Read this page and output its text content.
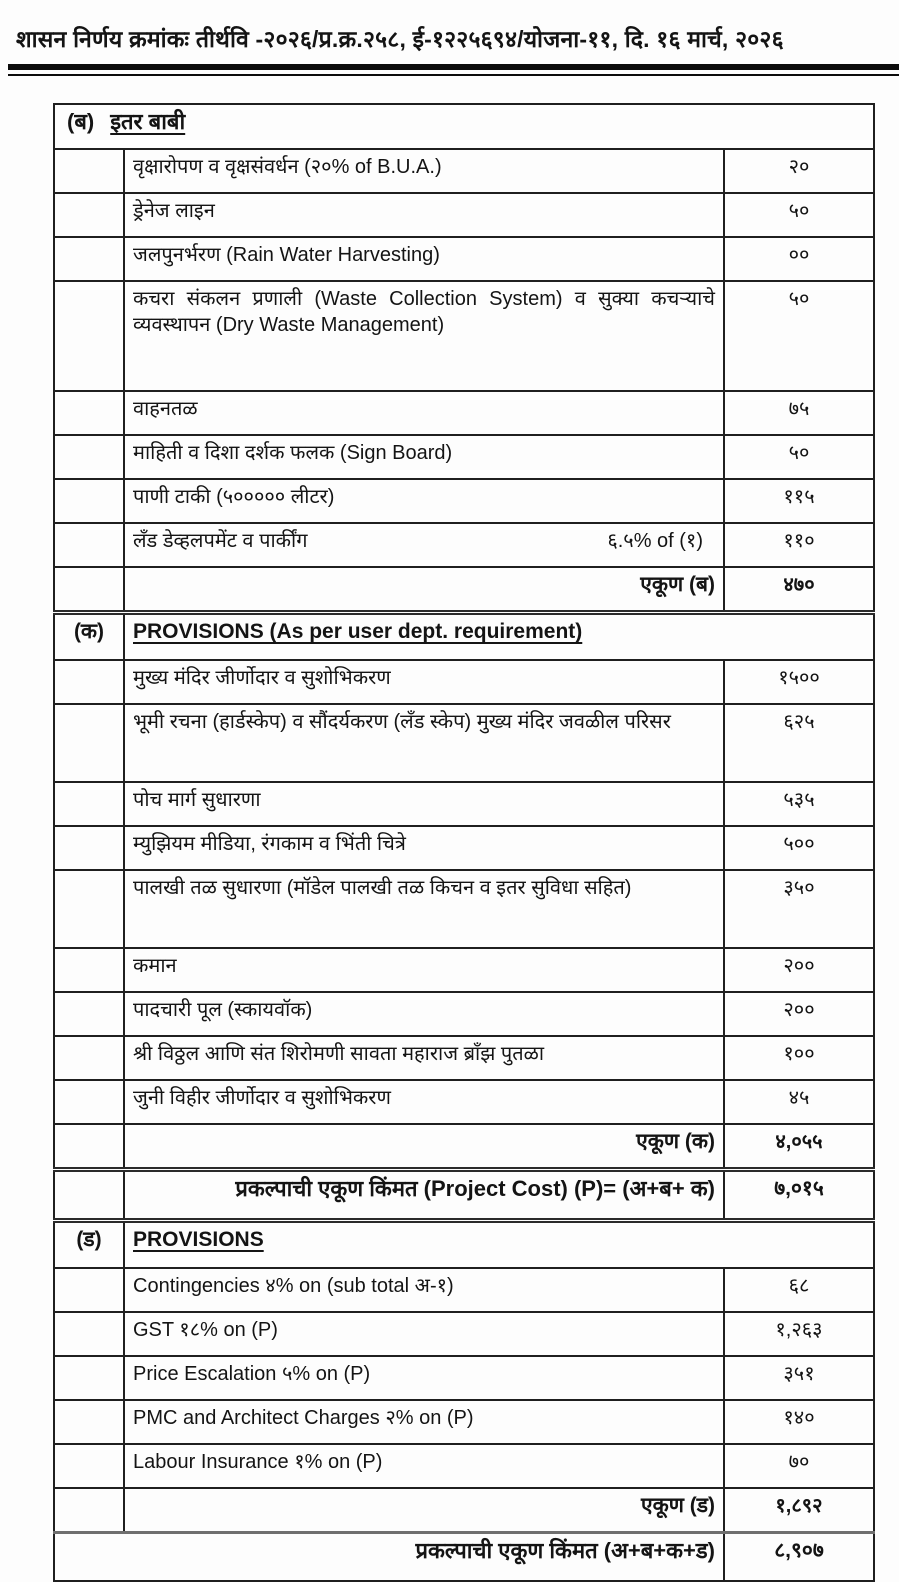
शासन निर्णय क्रमांकः तीर्थवि -२०२६/प्र.क्र.२५८, ई-१२२५६९४/योजना-११, दि. १६ मार्च, २०२६
(ब) इतर बाबी		
	वृक्षारोपण व वृक्षसंवर्धन (२०% of B.U.A.)	२०
	ड्रेनेज लाइन	५०
	जलपुनर्भरण (Rain Water Harvesting)	००
	कचरा संकलन प्रणाली (Waste Collection System) व सुक्या कचऱ्याचे व्यवस्थापन (Dry Waste Management)	५०
	वाहनतळ	७५
	माहिती व दिशा दर्शक फलक (Sign Board)	५०
	पाणी टाकी (५००००० लीटर)	११५
	लँड डेव्हलपमेंट व पार्कींग ६.५% of (१)	११०
	एकूण (ब)	४७०
(क)	PROVISIONS (As per user dept. requirement)	
	मुख्य मंदिर जीर्णोदार व सुशोभिकरण	१५००
	भूमी रचना (हार्डस्केप) व सौंदर्यकरण (लँड स्केप) मुख्य मंदिर जवळील परिसर	६२५
	पोच मार्ग सुधारणा	५३५
	म्युझियम मीडिया, रंगकाम व भिंती चित्रे	५००
	पालखी तळ सुधारणा (मॉडेल पालखी तळ किचन व इतर सुविधा सहित)	३५०
	कमान	२००
	पादचारी पूल (स्कायवॉक)	२००
	श्री विठ्ठल आणि संत शिरोमणी सावता महाराज ब्राँझ पुतळा	१००
	जुनी विहीर जीर्णोदार व सुशोभिकरण	४५
	एकूण (क)	४,०५५
	प्रकल्पाची एकूण किंमत (Project Cost) (P)= (अ+ब+ क)	७,०१५
(ड)	PROVISIONS	
	Contingencies ४% on (sub total अ-१)	६८
	GST १८% on (P)	१,२६३
	Price Escalation ५% on (P)	३५१
	PMC and Architect Charges २% on (P)	१४०
	Labour Insurance १% on (P)	७०
	एकूण (ड)	१,८९२
प्रकल्पाची एकूण किंमत (अ+ब+क+ड)		८,९०७
